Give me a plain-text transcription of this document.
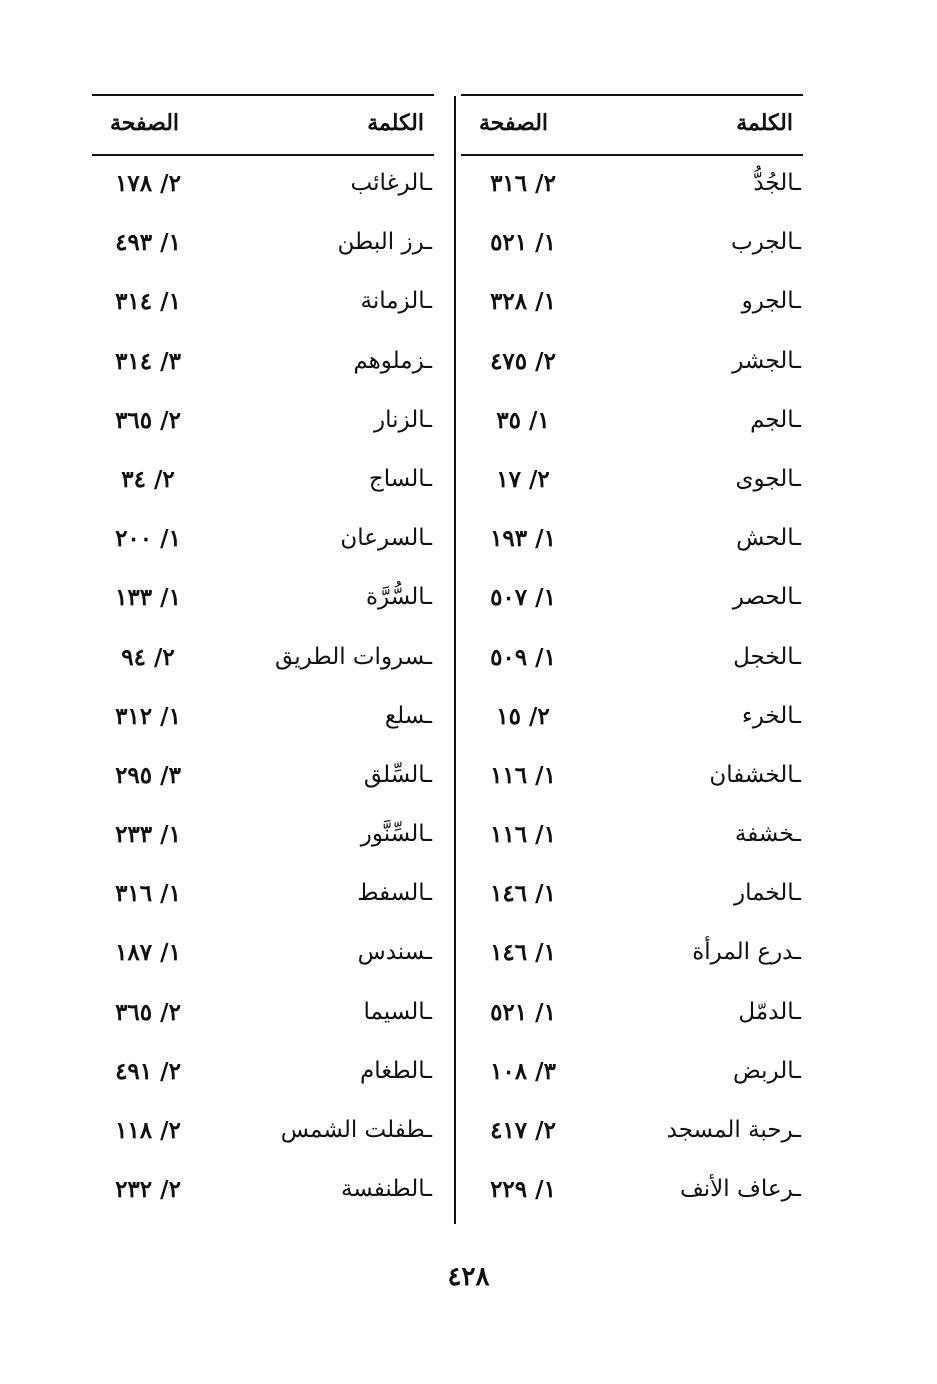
الكلمة
الصفحة
ـالجُدُّ
٢/ ٣١٦
ـالجرب
١/ ٥٢١
ـالجرو
١/ ٣٢٨
ـالجشر
٢/ ٤٧٥
ـالجم
١/ ٣٥
ـالجوى
٢/ ١٧
ـالحش
١/ ١٩٣
ـالحصر
١/ ٥٠٧
ـالخجل
١/ ٥٠٩
ـالخرء
٢/ ١٥
ـالخشفان
١/ ١١٦
ـخشفة
١/ ١١٦
ـالخمار
١/ ١٤٦
ـدرع المرأة
١/ ١٤٦
ـالدمّل
١/ ٥٢١
ـالربض
٣/ ١٠٨
ـرحبة المسجد
٢/ ٤١٧
ـرعاف الأنف
١/ ٢٢٩
الكلمة
الصفحة
ـالرغائب
٢/ ١٧٨
ـرز البطن
١/ ٤٩٣
ـالزمانة
١/ ٣١٤
ـزملوهم
٣/ ٣١٤
ـالزنار
٢/ ٣٦٥
ـالساج
٢/ ٣٤
ـالسرعان
١/ ٢٠٠
ـالسُّرَّة
١/ ١٣٣
ـسروات الطريق
٢/ ٩٤
ـسلع
١/ ٣١٢
ـالسِّلق
٣/ ٢٩٥
ـالسِّنَّور
١/ ٢٣٣
ـالسفط
١/ ٣١٦
ـسندس
١/ ١٨٧
ـالسيما
٢/ ٣٦٥
ـالطغام
٢/ ٤٩١
ـطفلت الشمس
٢/ ١١٨
ـالطنفسة
٢/ ٢٣٢
٤٢٨
